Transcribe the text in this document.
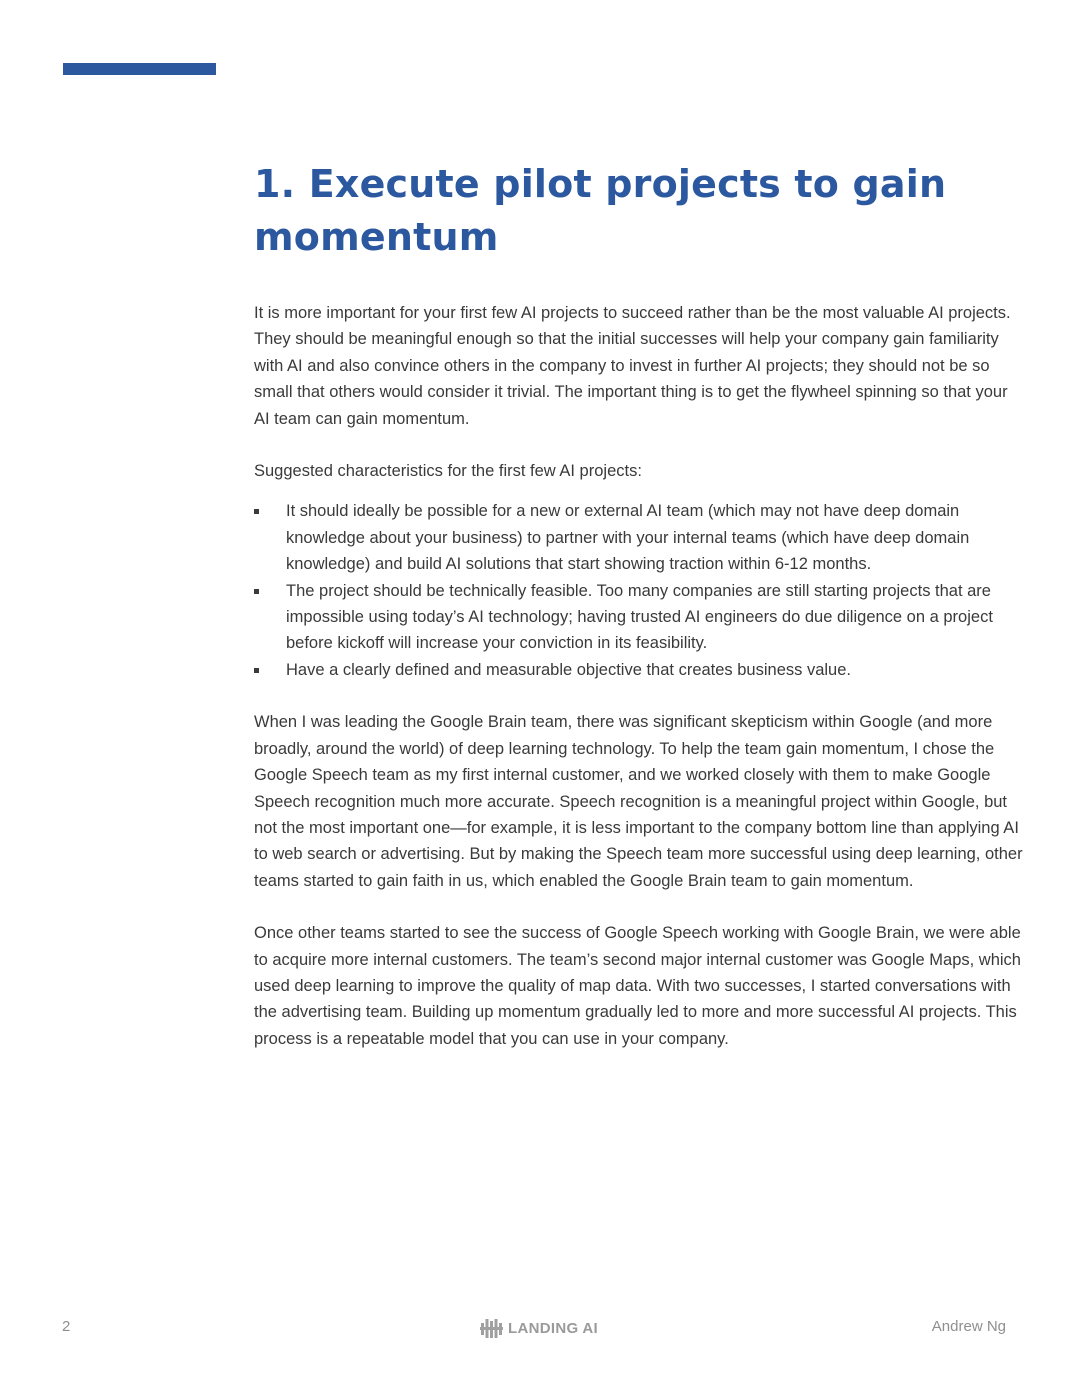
1. Execute pilot projects to gain momentum

It is more important for your first few AI projects to succeed rather than be the most valuable AI projects. They should be meaningful enough so that the initial successes will help your company gain familiarity with AI and also convince others in the company to invest in further AI projects; they should not be so small that others would consider it trivial. The important thing is to get the flywheel spinning so that your AI team can gain momentum.

Suggested characteristics for the first few AI projects:

It should ideally be possible for a new or external AI team (which may not have deep domain knowledge about your business) to partner with your internal teams (which have deep domain knowledge) and build AI solutions that start showing traction within 6-12 months.
The project should be technically feasible. Too many companies are still starting projects that are impossible using today’s AI technology; having trusted AI engineers do due diligence on a project before kickoff will increase your conviction in its feasibility.
Have a clearly defined and measurable objective that creates business value.

When I was leading the Google Brain team, there was significant skepticism within Google (and more broadly, around the world) of deep learning technology. To help the team gain momentum, I chose the Google Speech team as my first internal customer, and we worked closely with them to make Google Speech recognition much more accurate. Speech recognition is a meaningful project within Google, but not the most important one—for example, it is less important to the company bottom line than applying AI to web search or advertising. But by making the Speech team more successful using deep learning, other teams started to gain faith in us, which enabled the Google Brain team to gain momentum.

Once other teams started to see the success of Google Speech working with Google Brain, we were able to acquire more internal customers. The team’s second major internal customer was Google Maps, which used deep learning to improve the quality of map data. With two successes, I started conversations with the advertising team. Building up momentum gradually led to more and more successful AI projects. This process is a repeatable model that you can use in your company.

2	LANDING AI	Andrew Ng
